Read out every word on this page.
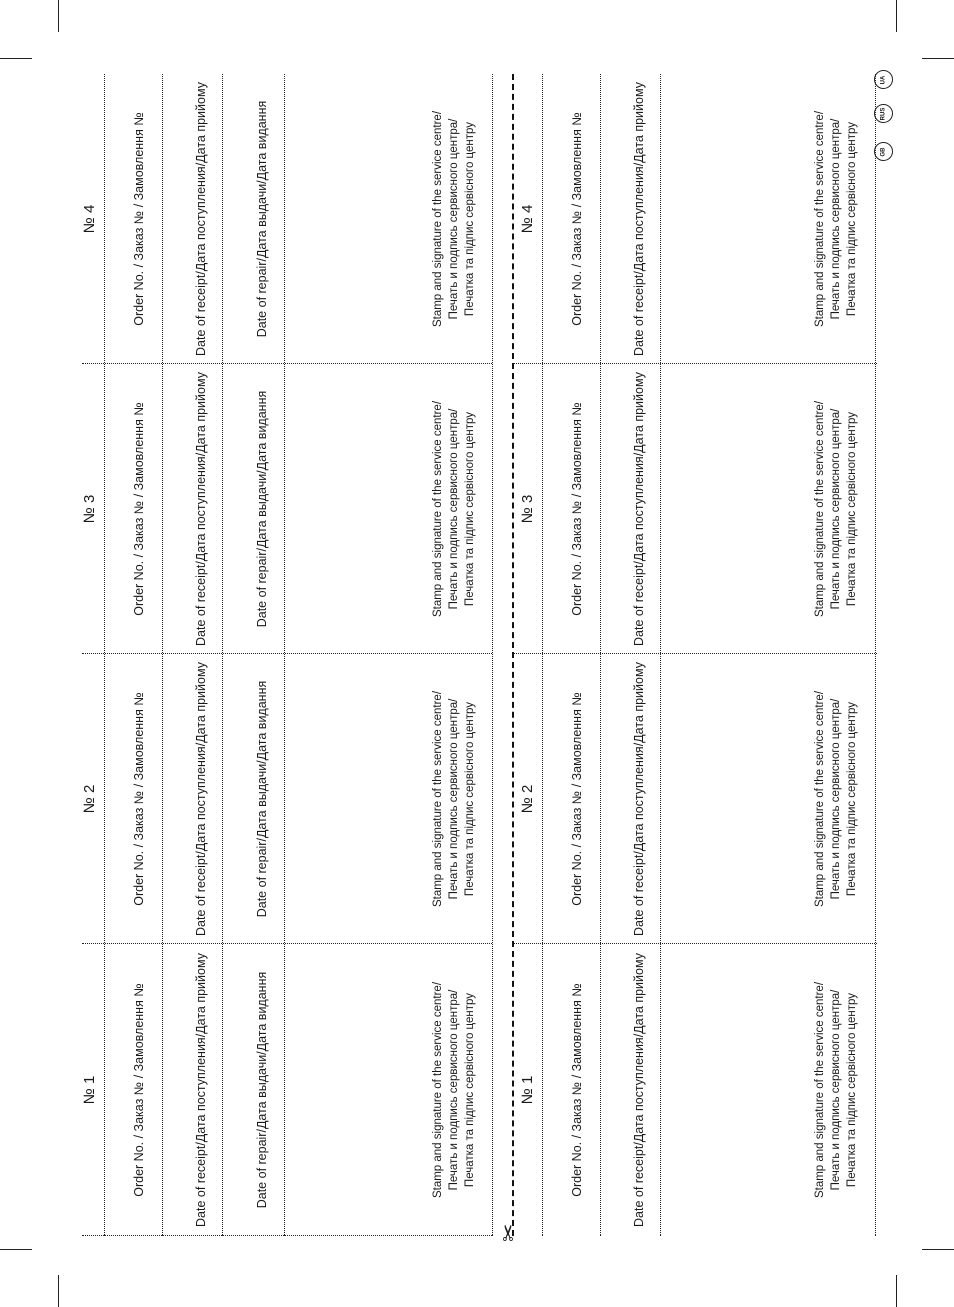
✂
№ 1	Order No. / Заказ № / Замовлення №	Date of receipt/Дата поступления/Дата прийому	Date of repair/Дата выдачи/Дата видання	Stamp and signature of the service centre/ Печать и подпись сервисного центра/ Печатка та підпис сервісного центру
№ 2	Order No. / Заказ № / Замовлення №	Date of receipt/Дата поступления/Дата прийому	Date of repair/Дата выдачи/Дата видання	Stamp and signature of the service centre/ Печать и подпись сервисного центра/ Печатка та підпис сервісного центру
№ 3	Order No. / Заказ № / Замовлення №	Date of receipt/Дата поступления/Дата прийому	Date of repair/Дата выдачи/Дата видання	Stamp and signature of the service centre/ Печать и подпись сервисного центра/ Печатка та підпис сервісного центру
№ 4	Order No. / Заказ № / Замовлення №	Date of receipt/Дата поступления/Дата прийому	Date of repair/Дата выдачи/Дата видання	Stamp and signature of the service centre/ Печать и подпись сервисного центра/ Печатка та підпис сервісного центру
№ 1	Order No. / Заказ № / Замовлення №	Date of receipt/Дата поступления/Дата прийому	Stamp and signature of the service centre/ Печать и подпись сервисного центра/ Печатка та підпис сервісного центру
№ 2	Order No. / Заказ № / Замовлення №	Date of receipt/Дата поступления/Дата прийому	Stamp and signature of the service centre/ Печать и подпись сервисного центра/ Печатка та підпис сервісного центру
№ 3	Order No. / Заказ № / Замовлення №	Date of receipt/Дата поступления/Дата прийому	Stamp and signature of the service centre/ Печать и подпись сервисного центра/ Печатка та підпис сервісного центру
№ 4	Order No. / Заказ № / Замовлення №	Date of receipt/Дата поступления/Дата прийому	Stamp and signature of the service centre/ Печать и подпись сервисного центра/ Печатка та підпис сервісного центру	GB
RUS
UA
